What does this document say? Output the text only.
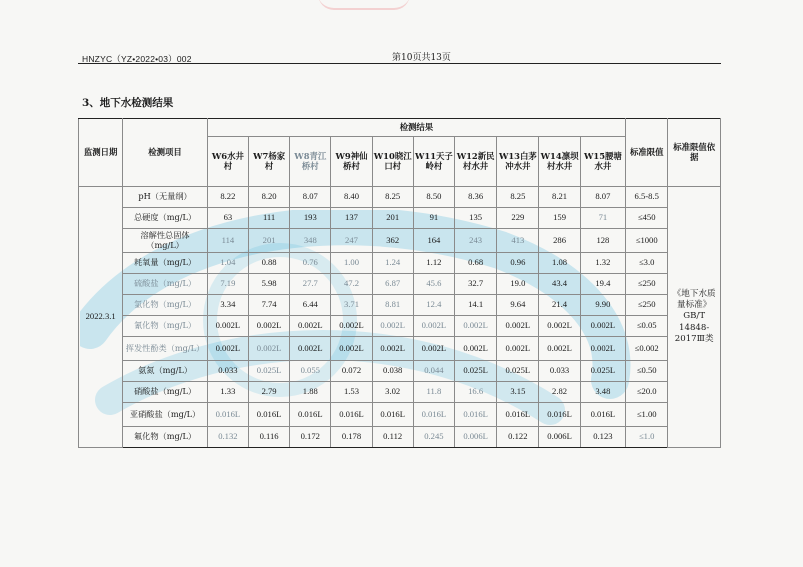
HNZYC（YZ•2022•03）002	第10页共13页
3、地下水检测结果
监测日期	检测项目	检测结果										标准限值	标准限值依据
		W6水井村	W7杨家村	W8青江桥村	W9神仙桥村	W10晓江口村	W11天子岭村	W12新民村水井	W13白茅冲水井	W14凛坝村水井	W15腰塘水井		
2022.3.1	pH（无量纲）	8.22	8.20	8.07	8.40	8.25	8.50	8.36	8.25	8.21	8.07	6.5-8.5	《地下水质量标准》GB/T 14848-2017Ⅲ类
	总硬度（mg/L）	63	111	193	137	201	91	135	229	159	71	≤450	
	溶解性总固体（mg/L）	114	201	348	247	362	164	243	413	286	128	≤1000	
	耗氧量（mg/L）	1.04	0.88	0.76	1.00	1.24	1.12	0.68	0.96	1.08	1.32	≤3.0	
	硫酸盐（mg/L）	7.19	5.98	27.7	47.2	6.87	45.6	32.7	19.0	43.4	19.4	≤250	
	氯化物（mg/L）	3.34	7.74	6.44	3.71	8.81	12.4	14.1	9.64	21.4	9.90	≤250	
	氰化物（mg/L）	0.002L	0.002L	0.002L	0.002L	0.002L	0.002L	0.002L	0.002L	0.002L	0.002L	≤0.05	
	挥发性酚类（mg/L）	0.002L	0.002L	0.002L	0.002L	0.002L	0.002L	0.002L	0.002L	0.002L	0.002L	≤0.002	
	氨氮（mg/L）	0.033	0.025L	0.055	0.072	0.038	0.044	0.025L	0.025L	0.033	0.025L	≤0.50	
	硝酸盐（mg/L）	1.33	2.79	1.88	1.53	3.02	11.8	16.6	3.15	2.82	3.48	≤20.0	
	亚硝酸盐（mg/L）	0.016L	0.016L	0.016L	0.016L	0.016L	0.016L	0.016L	0.016L	0.016L	0.016L	≤1.00	
	氟化物（mg/L）	0.132	0.116	0.172	0.178	0.112	0.245	0.006L	0.122	0.006L	0.123	≤1.0	
